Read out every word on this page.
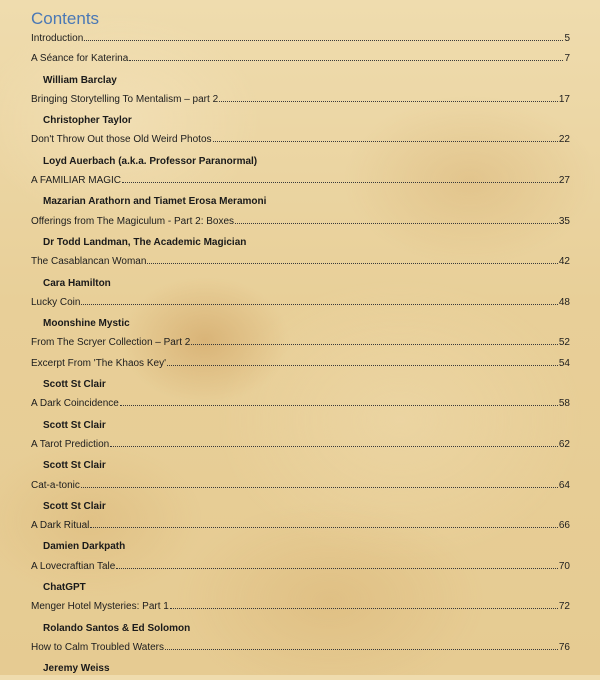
Contents
Introduction	5
A Séance for Katerina	7
William Barclay
Bringing Storytelling To Mentalism – part 2	17
Christopher Taylor
Don't Throw Out those Old Weird Photos	22
Loyd Auerbach (a.k.a. Professor Paranormal)
A FAMILIAR MAGIC	27
Mazarian Arathorn and Tiamet Erosa Meramoni
Offerings from The Magiculum - Part 2: Boxes	35
Dr Todd Landman, The Academic Magician
The Casablancan Woman	42
Cara Hamilton
Lucky Coin	48
Moonshine Mystic
From The Scryer Collection – Part 2	52
Excerpt From 'The Khaos Key'	54
Scott St Clair
A Dark Coincidence	58
Scott St Clair
A Tarot Prediction	62
Scott St Clair
Cat-a-tonic	64
Scott St Clair
A Dark Ritual	66
Damien Darkpath
A Lovecraftian Tale	70
ChatGPT
Menger Hotel Mysteries: Part 1	72
Rolando Santos & Ed Solomon
How to Calm Troubled Waters	76
Jeremy Weiss
